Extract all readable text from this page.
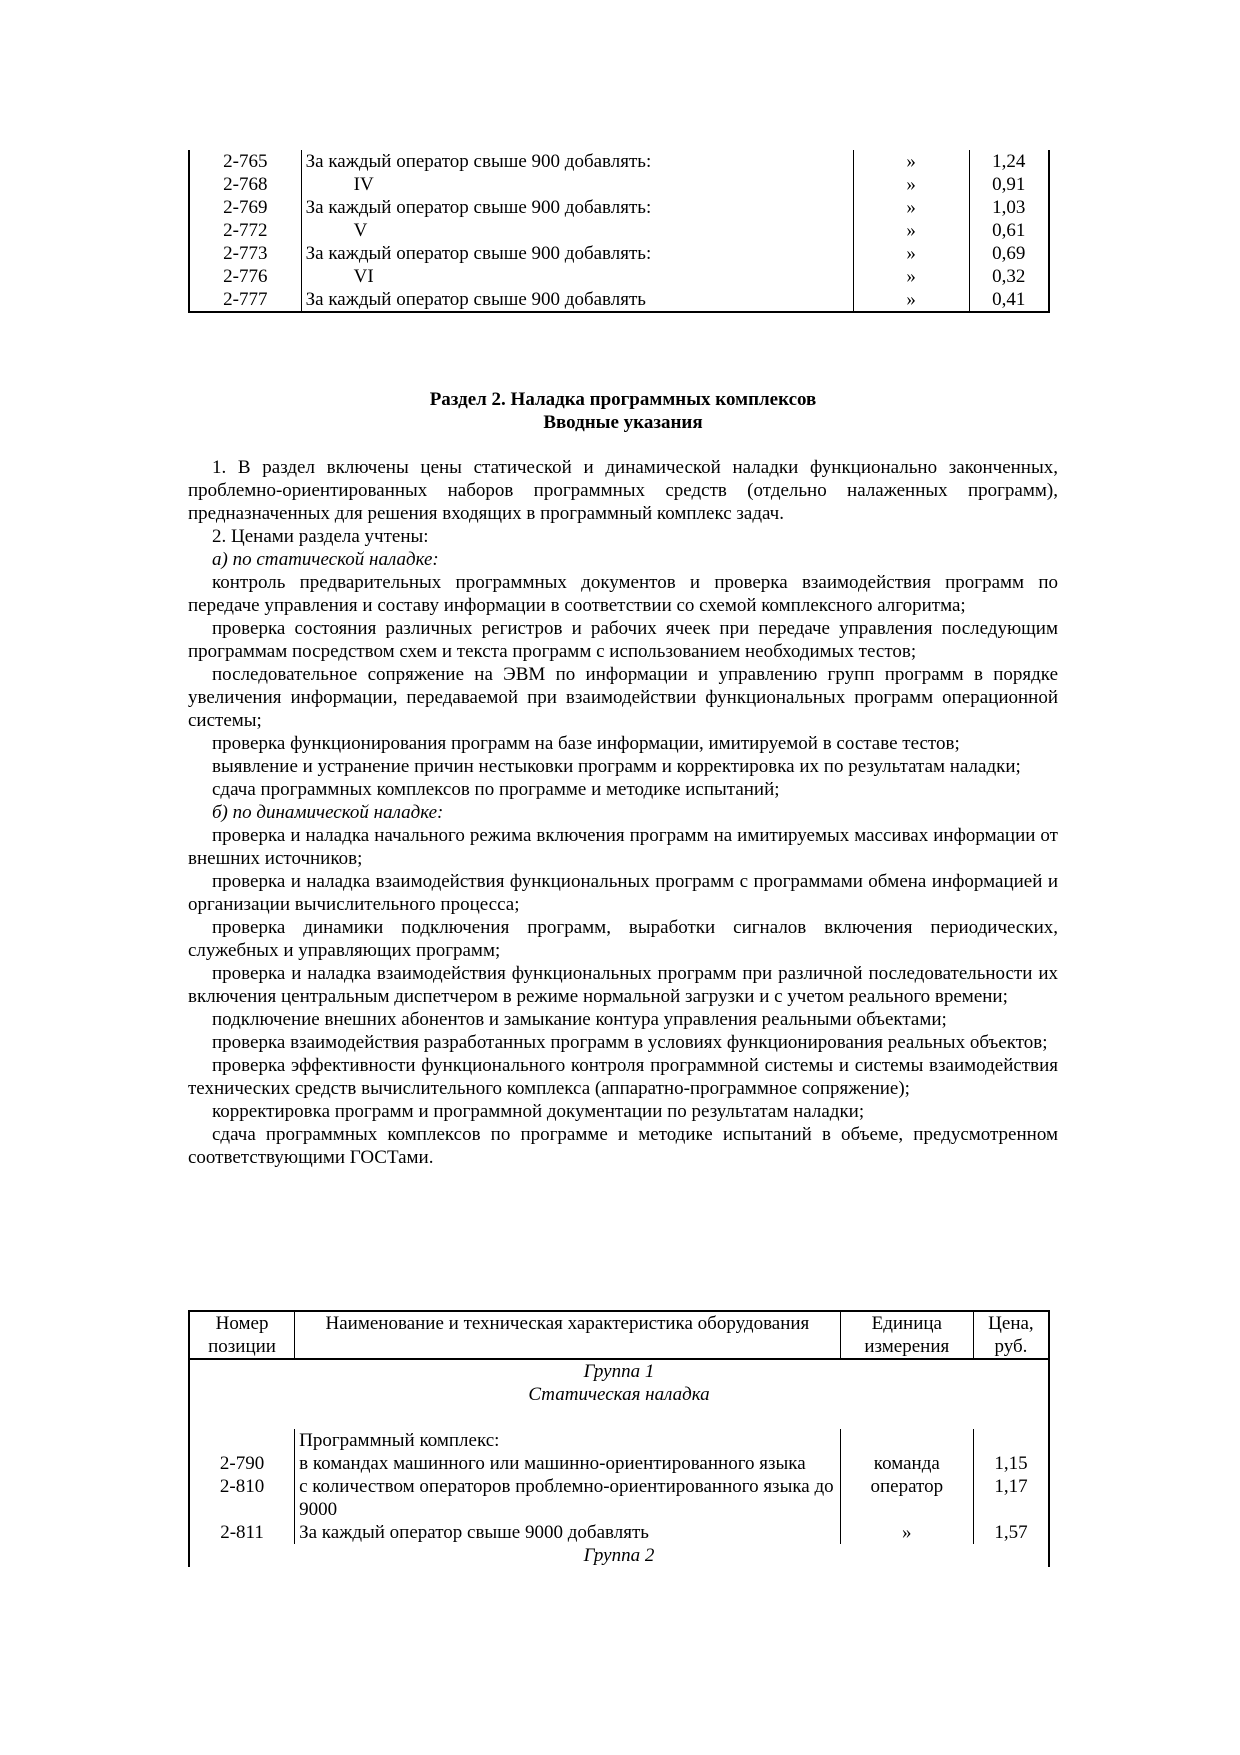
2-765	За каждый оператор свыше 900 добавлять:	»	1,24
2-768	IV	»	0,91
2-769	За каждый оператор свыше 900 добавлять:	»	1,03
2-772	V	»	0,61
2-773	За каждый оператор свыше 900 добавлять:	»	0,69
2-776	VI	»	0,32
2-777	За каждый оператор свыше 900 добавлять	»	0,41
Раздел 2. Наладка программных комплексов
Вводные указания

1. В раздел включены цены статической и динамической наладки функционально законченных, проблемно-ориентированных наборов программных средств (отдельно налаженных программ), предназначенных для решения входящих в программный комплекс задач.

2. Ценами раздела учтены:

а) по статической наладке:

контроль предварительных программных документов и проверка взаимодействия программ по передаче управления и составу информации в соответствии со схемой комплексного алгоритма;

проверка состояния различных регистров и рабочих ячеек при передаче управления последующим программам посредством схем и текста программ с использованием необходимых тестов;

последовательное сопряжение на ЭВМ по информации и управлению групп программ в порядке увеличения информации, передаваемой при взаимодействии функциональных программ операционной системы;

проверка функционирования программ на базе информации, имитируемой в составе тестов;

выявление и устранение причин нестыковки программ и корректировка их по результатам наладки;

сдача программных комплексов по программе и методике испытаний;

б) по динамической наладке:

проверка и наладка начального режима включения программ на имитируемых массивах информации от внешних источников;

проверка и наладка взаимодействия функциональных программ с программами обмена информацией и организации вычислительного процесса;

проверка динамики подключения программ, выработки сигналов включения периодических, служебных и управляющих программ;

проверка и наладка взаимодействия функциональных программ при различной последовательности их включения центральным диспетчером в режиме нормальной загрузки и с учетом реального времени;

подключение внешних абонентов и замыкание контура управления реальными объектами;

проверка взаимодействия разработанных программ в условиях функционирования реальных объектов;

проверка эффективности функционального контроля программной системы и системы взаимодействия технических средств вычислительного комплекса (аппаратно-программное сопряжение);

корректировка программ и программной документации по результатам наладки;

сдача программных комплексов по программе и методике испытаний в объеме, предусмотренном соответствующими ГОСТами.

Номер позиции	Наименование и техническая характеристика оборудования	Единица измерения	Цена, руб.
Группа 1			
Статическая наладка			

	Программный комплекс:		
2-790	в командах машинного или машинно-ориентированного языка	команда	1,15
2-810	с количеством операторов проблемно-ориентированного языка до 9000	оператор	1,17
2-811	За каждый оператор свыше 9000 добавлять	»	1,57
Группа 2			
